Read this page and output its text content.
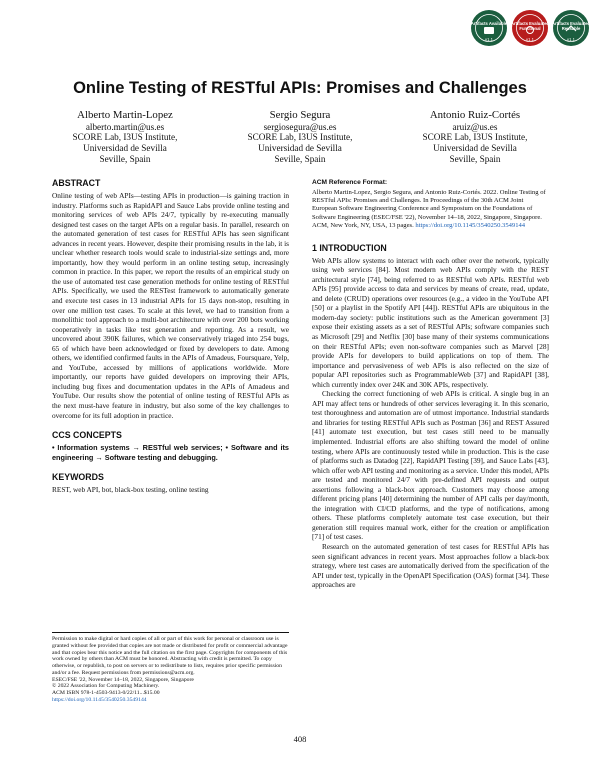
Artifacts Available
v1.1
Artifacts Evaluated Functional
v1.1
Artifacts Evaluated Reusable
v1.1
Online Testing of RESTful APIs: Promises and Challenges
Alberto Martin-Lopez
alberto.martin@us.es
SCORE Lab, I3US Institute,
Universidad de Sevilla
Seville, Spain
Sergio Segura
sergiosegura@us.es
SCORE Lab, I3US Institute,
Universidad de Sevilla
Seville, Spain
Antonio Ruiz-Cortés
aruiz@us.es
SCORE Lab, I3US Institute,
Universidad de Sevilla
Seville, Spain
ABSTRACT

Online testing of web APIs—testing APIs in production—is gaining traction in industry. Platforms such as RapidAPI and Sauce Labs provide online testing and monitoring services of web APIs 24/7, typically by re-executing manually designed test cases on the target APIs on a regular basis. In parallel, research on the automated generation of test cases for RESTful APIs has seen significant advances in recent years. However, despite their promising results in the lab, it is unclear whether research tools would scale to industrial-size settings and, more importantly, how they would perform in an online testing setup, increasingly common in practice. In this paper, we report the results of an empirical study on the use of automated test case generation methods for online testing of RESTful APIs. Specifically, we used the RESTest framework to automatically generate and execute test cases in 13 industrial APIs for 15 days non-stop, resulting in over one million test cases. To scale at this level, we had to transition from a monolithic tool approach to a multi-bot architecture with over 200 bots working cooperatively in tasks like test generation and reporting. As a result, we uncovered about 390K failures, which we conservatively triaged into 254 bugs, 65 of which have been acknowledged or fixed by developers to date. Among others, we identified confirmed faults in the APIs of Amadeus, Foursquare, Yelp, and YouTube, accessed by millions of applications worldwide. More importantly, our reports have guided developers on improving their APIs, including bug fixes and documentation updates in the APIs of Amadeus and YouTube. Our results show the potential of online testing of RESTful APIs as the next must-have feature in industry, but also some of the key challenges to overcome for its full adoption in practice.

CCS CONCEPTS

• Information systems → RESTful web services; • Software and its engineering → Software testing and debugging.

KEYWORDS

REST, web API, bot, black-box testing, online testing

Permission to make digital or hard copies of all or part of this work for personal or classroom use is granted without fee provided that copies are not made or distributed for profit or commercial advantage and that copies bear this notice and the full citation on the first page. Copyrights for components of this work owned by others than ACM must be honored. Abstracting with credit is permitted. To copy otherwise, or republish, to post on servers or to redistribute to lists, requires prior specific permission and/or a fee. Request permissions from permissions@acm.org.

ESEC/FSE '22, November 14–18, 2022, Singapore, Singapore

© 2022 Association for Computing Machinery.

ACM ISBN 978-1-4503-9413-0/22/11...$15.00

https://doi.org/10.1145/3540250.3549144

ACM Reference Format:

Alberto Martin-Lopez, Sergio Segura, and Antonio Ruiz-Cortés. 2022. Online Testing of RESTful APIs: Promises and Challenges. In Proceedings of the 30th ACM Joint European Software Engineering Conference and Symposium on the Foundations of Software Engineering (ESEC/FSE '22), November 14–18, 2022, Singapore, Singapore. ACM, New York, NY, USA, 13 pages. https://doi.org/10.1145/3540250.3549144

1 INTRODUCTION

Web APIs allow systems to interact with each other over the network, typically using web services [84]. Most modern web APIs comply with the REST architectural style [74], being referred to as RESTful web APIs. RESTful web APIs [95] provide access to data and services by means of create, read, update, and delete (CRUD) operations over resources (e.g., a video in the YouTube API [50] or a playlist in the Spotify API [44]). RESTful APIs are ubiquitous in the modern-day society: public institutions such as the American government [3] expose their existing assets as a set of RESTful APIs; software companies such as Microsoft [29] and Netflix [30] base many of their systems communications on their RESTful APIs; even non-software companies such as Marvel [28] provide APIs for developers to build applications on top of them. The importance and pervasiveness of web APIs is also reflected on the size of popular API repositories such as ProgrammableWeb [37] and RapidAPI [38], which currently index over 24K and 30K APIs, respectively.

Checking the correct functioning of web APIs is critical. A single bug in an API may affect tens or hundreds of other services leveraging it. In this scenario, test thoroughness and automation are of utmost importance. Industrial standards and libraries for testing RESTful APIs such as Postman [36] and REST Assured [41] automate test execution, but test cases still need to be manually implemented. Industrial efforts are also shifting toward the model of online testing, where APIs are continuously tested while in production. This is the case of platforms such as Datadog [22], RapidAPI Testing [39], and Sauce Labs [43], which offer web API testing and monitoring as a service. Under this model, APIs are tested and monitored 24/7 with pre-defined API requests and output assertions following a black-box approach. Customers may choose among different pricing plans [40] determining the number of API calls per day/month, the integration with CI/CD platforms, and the type of notifications, among others. These platforms completely automate test case execution, but their generation still requires manual work, either for the creation or amplification [71] of test cases.

Research on the automated generation of test cases for RESTful APIs has seen significant advances in recent years. Most approaches follow a black-box strategy, where test cases are automatically derived from the specification of the API under test, typically in the OpenAPI Specification (OAS) format [34]. These approaches are

408
